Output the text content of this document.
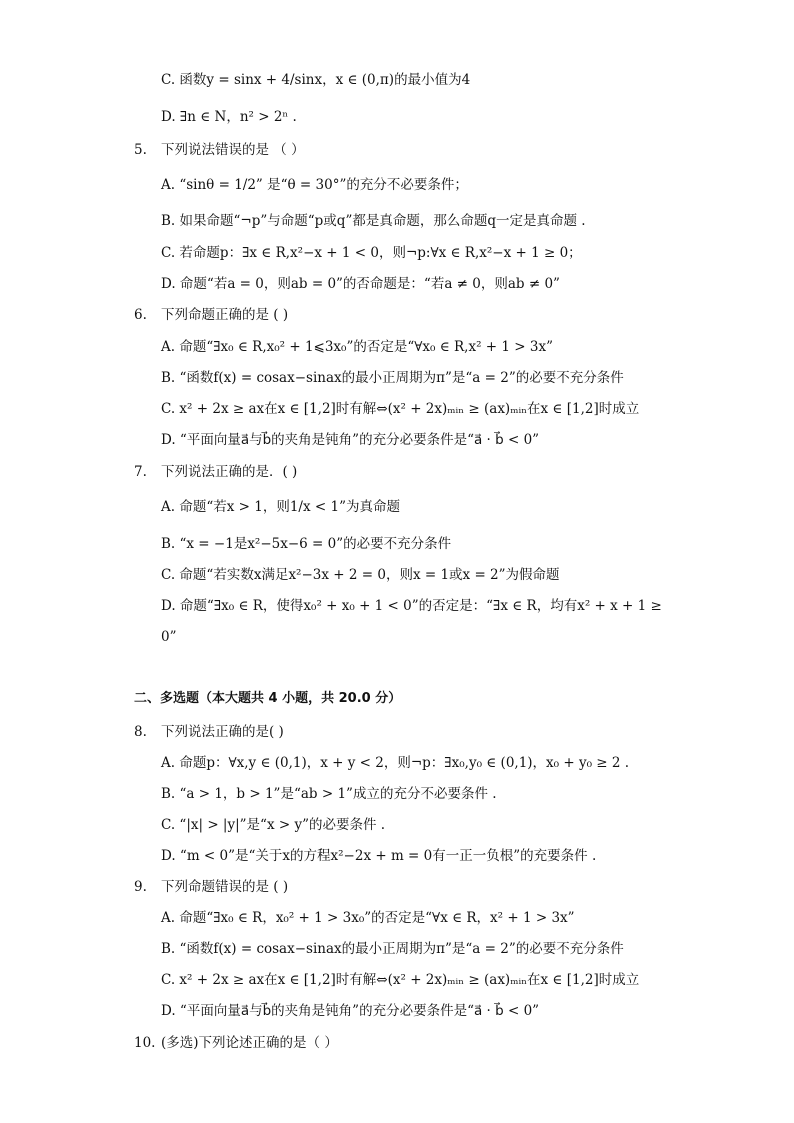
C. 函数y = sinx + 4/sinx，x ∈ (0,π)的最小值为4
D. ∃n ∈ N，n² > 2ⁿ .
5. 下列说法错误的是 （ ）
A. “sinθ = 1/2” 是“θ = 30°”的充分不必要条件；
B. 如果命题“¬p”与命题“p或q”都是真命题，那么命题q一定是真命题 .
C. 若命题p：∃x ∈ R,x²−x + 1 < 0，则¬p:∀x ∈ R,x²−x + 1 ≥ 0；
D. 命题“若a = 0，则ab = 0”的否命题是：“若a ≠ 0，则ab ≠ 0”
6. 下列命题正确的是 ( )
A. 命题“∃x₀ ∈ R,x₀² + 1⩽3x₀”的否定是“∀x₀ ∈ R,x² + 1 > 3x”
B. “函数f(x) = cosax−sinax的最小正周期为π”是“a = 2”的必要不充分条件
C. x² + 2x ≥ ax在x ∈ [1,2]时有解⇔(x² + 2x)ₘᵢₙ ≥ (ax)ₘᵢₙ在x ∈ [1,2]时成立
D. “平面向量a⃗与b⃗的夹角是钝角”的充分必要条件是“a⃗ · b⃗ < 0”
7. 下列说法正确的是．( )
A. 命题“若x > 1，则1/x < 1”为真命题
B. “x = −1是x²−5x−6 = 0”的必要不充分条件
C. 命题“若实数x满足x²−3x + 2 = 0，则x = 1或x = 2”为假命题
D. 命题“∃x₀ ∈ R，使得x₀² + x₀ + 1 < 0”的否定是：“∃x ∈ R，均有x² + x + 1 ≥
0”
二、多选题（本大题共 4 小题，共 20.0 分）
8. 下列说法正确的是( )
A. 命题p：∀x,y ∈ (0,1)，x + y < 2，则¬p：∃x₀,y₀ ∈ (0,1)，x₀ + y₀ ≥ 2 .
B. “a > 1，b > 1”是“ab > 1”成立的充分不必要条件 .
C. “|x| > |y|”是“x > y”的必要条件 .
D. “m < 0”是“关于x的方程x²−2x + m = 0有一正一负根”的充要条件 .
9. 下列命题错误的是 ( )
A. 命题“∃x₀ ∈ R，x₀² + 1 > 3x₀”的否定是“∀x ∈ R，x² + 1 > 3x”
B. “函数f(x) = cosax−sinax的最小正周期为π”是“a = 2”的必要不充分条件
C. x² + 2x ≥ ax在x ∈ [1,2]时有解⇔(x² + 2x)ₘᵢₙ ≥ (ax)ₘᵢₙ在x ∈ [1,2]时成立
D. “平面向量a⃗与b⃗的夹角是钝角”的充分必要条件是“a⃗ · b⃗ < 0”
10. (多选)下列论述正确的是（ ）
